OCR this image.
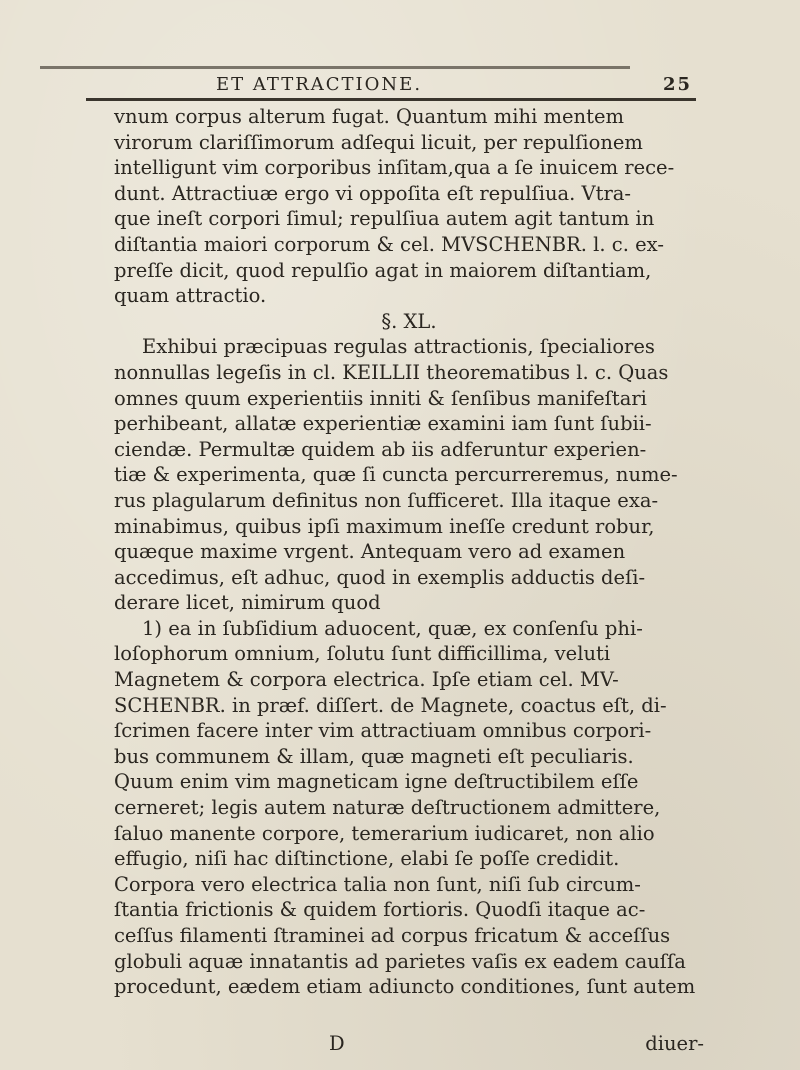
ET ATTRACTIONE.	25
vnum corpus alterum fugat. Quantum mihi mentem
virorum clariſſimorum adſequi licuit, per repulſionem
intelligunt vim corporibus inſitam,qua a ſe inuicem rece-
dunt. Attractiuæ ergo vi oppoſita eſt repulſiua. Vtra-
que ineſt corpori ſimul; repulſiua autem agit tantum in
diſtantia maiori corporum & cel. MVSCHENBR. l. c. ex-
preſſe dicit, quod repulſio agat in maiorem diſtantiam,
quam attractio.
§. XL.
Exhibui præcipuas regulas attractionis, ſpecialiores
nonnullas legeſis in cl. KEILLII theorematibus l. c. Quas
omnes quum experientiis inniti & ſenſibus manifeſtari
perhibeant, allatæ experientiæ examini iam ſunt ſubii-
ciendæ. Permultæ quidem ab iis adferuntur experien-
tiæ & experimenta, quæ ſi cuncta percurreremus, nume-
rus plagularum definitus non ſufficeret. Illa itaque exa-
minabimus, quibus ipſi maximum ineſſe credunt robur,
quæque maxime vrgent. Antequam vero ad examen
accedimus, eſt adhuc, quod in exemplis adductis deſi-
derare licet, nimirum quod
1) ea in ſubſidium aduocent, quæ, ex conſenſu phi-
loſophorum omnium, ſolutu ſunt difficillima, veluti
Magnetem & corpora electrica. Ipſe etiam cel. MV-
SCHENBR. in præf. diſſert. de Magnete, coactus eſt, di-
ſcrimen facere inter vim attractiuam omnibus corpori-
bus communem & illam, quæ magneti eſt peculiaris.
Quum enim vim magneticam igne deſtructibilem eſſe
cerneret; legis autem naturæ deſtructionem admittere,
ſaluo manente corpore, temerarium iudicaret, non alio
effugio, niſi hac diſtinctione, elabi ſe poſſe credidit.
Corpora vero electrica talia non ſunt, niſi ſub circum-
ſtantia frictionis & quidem fortioris. Quodſi itaque ac-
ceſſus filamenti ſtraminei ad corpus fricatum & acceſſus
globuli aquæ innatantis ad parietes vaſis ex eadem cauſſa
procedunt, eædem etiam adiuncto conditiones, ſunt autem
D	diuer-
